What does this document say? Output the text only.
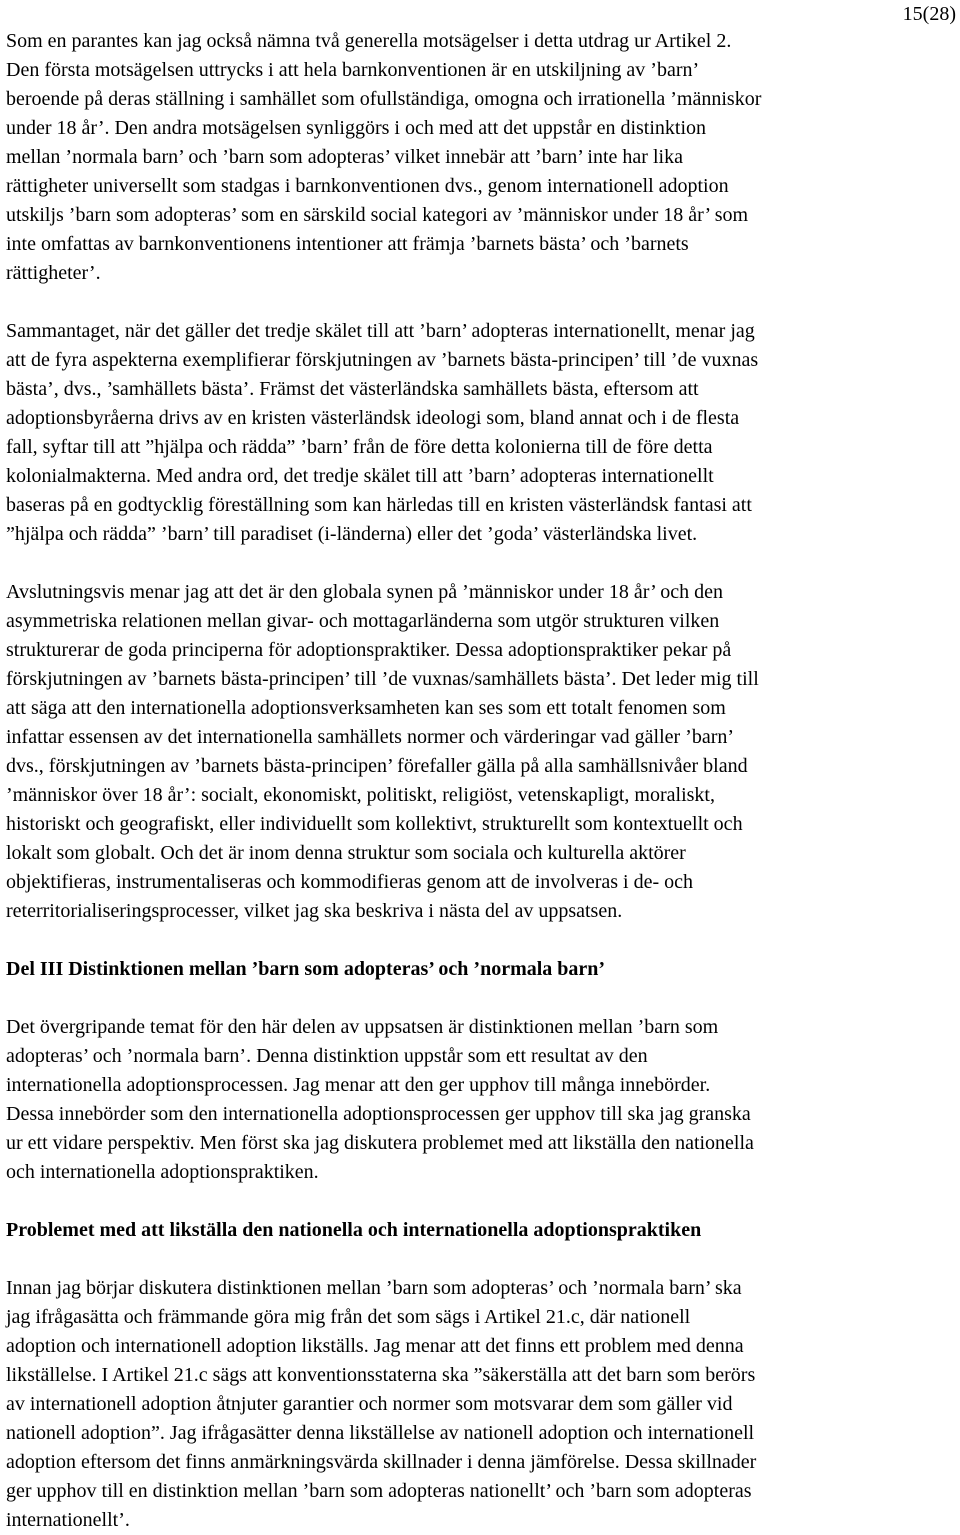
15(28)
Som en parantes kan jag också nämna två generella motsägelser i detta utdrag ur Artikel 2.
Den första motsägelsen uttrycks i att hela barnkonventionen är en utskiljning av ’barn’
beroende på deras ställning i samhället som ofullständiga, omogna och irrationella ’människor
under 18 år’. Den andra motsägelsen synliggörs i och med att det uppstår en distinktion
mellan ’normala barn’ och ’barn som adopteras’ vilket innebär att ’barn’ inte har lika
rättigheter universellt som stadgas i barnkonventionen dvs., genom internationell adoption
utskiljs ’barn som adopteras’ som en särskild social kategori av ’människor under 18 år’ som
inte omfattas av barnkonventionens intentioner att främja ’barnets bästa’ och ’barnets
rättigheter’.
Sammantaget, när det gäller det tredje skälet till att ’barn’ adopteras internationellt, menar jag
att de fyra aspekterna exemplifierar förskjutningen av ’barnets bästa-principen’ till ’de vuxnas
bästa’, dvs., ’samhällets bästa’. Främst det västerländska samhällets bästa, eftersom att
adoptionsbyråerna drivs av en kristen västerländsk ideologi som, bland annat och i de flesta
fall, syftar till att ”hjälpa och rädda” ’barn’ från de före detta kolonierna till de före detta
kolonialmakterna. Med andra ord, det tredje skälet till att ’barn’ adopteras internationellt
baseras på en godtycklig föreställning som kan härledas till en kristen västerländsk fantasi att
”hjälpa och rädda” ’barn’ till paradiset (i-länderna) eller det ’goda’ västerländska livet.
Avslutningsvis menar jag att det är den globala synen på ’människor under 18 år’ och den
asymmetriska relationen mellan givar- och mottagarländerna som utgör strukturen vilken
strukturerar de goda principerna för adoptionspraktiker. Dessa adoptionspraktiker pekar på
förskjutningen av ’barnets bästa-principen’ till ’de vuxnas/samhällets bästa’. Det leder mig till
att säga att den internationella adoptionsverksamheten kan ses som ett totalt fenomen som
infattar essensen av det internationella samhällets normer och värderingar vad gäller ’barn’
dvs., förskjutningen av ’barnets bästa-principen’ förefaller gälla på alla samhällsnivåer bland
’människor över 18 år’: socialt, ekonomiskt, politiskt, religiöst, vetenskapligt, moraliskt,
historiskt och geografiskt, eller individuellt som kollektivt, strukturellt som kontextuellt och
lokalt som globalt. Och det är inom denna struktur som sociala och kulturella aktörer
objektifieras, instrumentaliseras och kommodifieras genom att de involveras i de- och
reterritorialiseringsprocesser, vilket jag ska beskriva i nästa del av uppsatsen.
Del III Distinktionen mellan ’barn som adopteras’ och ’normala barn’
Det övergripande temat för den här delen av uppsatsen är distinktionen mellan ’barn som
adopteras’ och ’normala barn’. Denna distinktion uppstår som ett resultat av den
internationella adoptionsprocessen. Jag menar att den ger upphov till många innebörder.
Dessa innebörder som den internationella adoptionsprocessen ger upphov till ska jag granska
ur ett vidare perspektiv. Men först ska jag diskutera problemet med att likställa den nationella
och internationella adoptionspraktiken.
Problemet med att likställa den nationella och internationella adoptionspraktiken
Innan jag börjar diskutera distinktionen mellan ’barn som adopteras’ och ’normala barn’ ska
jag ifrågasätta och främmande göra mig från det som sägs i Artikel 21.c, där nationell
adoption och internationell adoption likställs. Jag menar att det finns ett problem med denna
likställelse. I Artikel 21.c sägs att konventionsstaterna ska ”säkerställa att det barn som berörs
av internationell adoption åtnjuter garantier och normer som motsvarar dem som gäller vid
nationell adoption”. Jag ifrågasätter denna likställelse av nationell adoption och internationell
adoption eftersom det finns anmärkningsvärda skillnader i denna jämförelse. Dessa skillnader
ger upphov till en distinktion mellan ’barn som adopteras nationellt’ och ’barn som adopteras
internationellt’.
